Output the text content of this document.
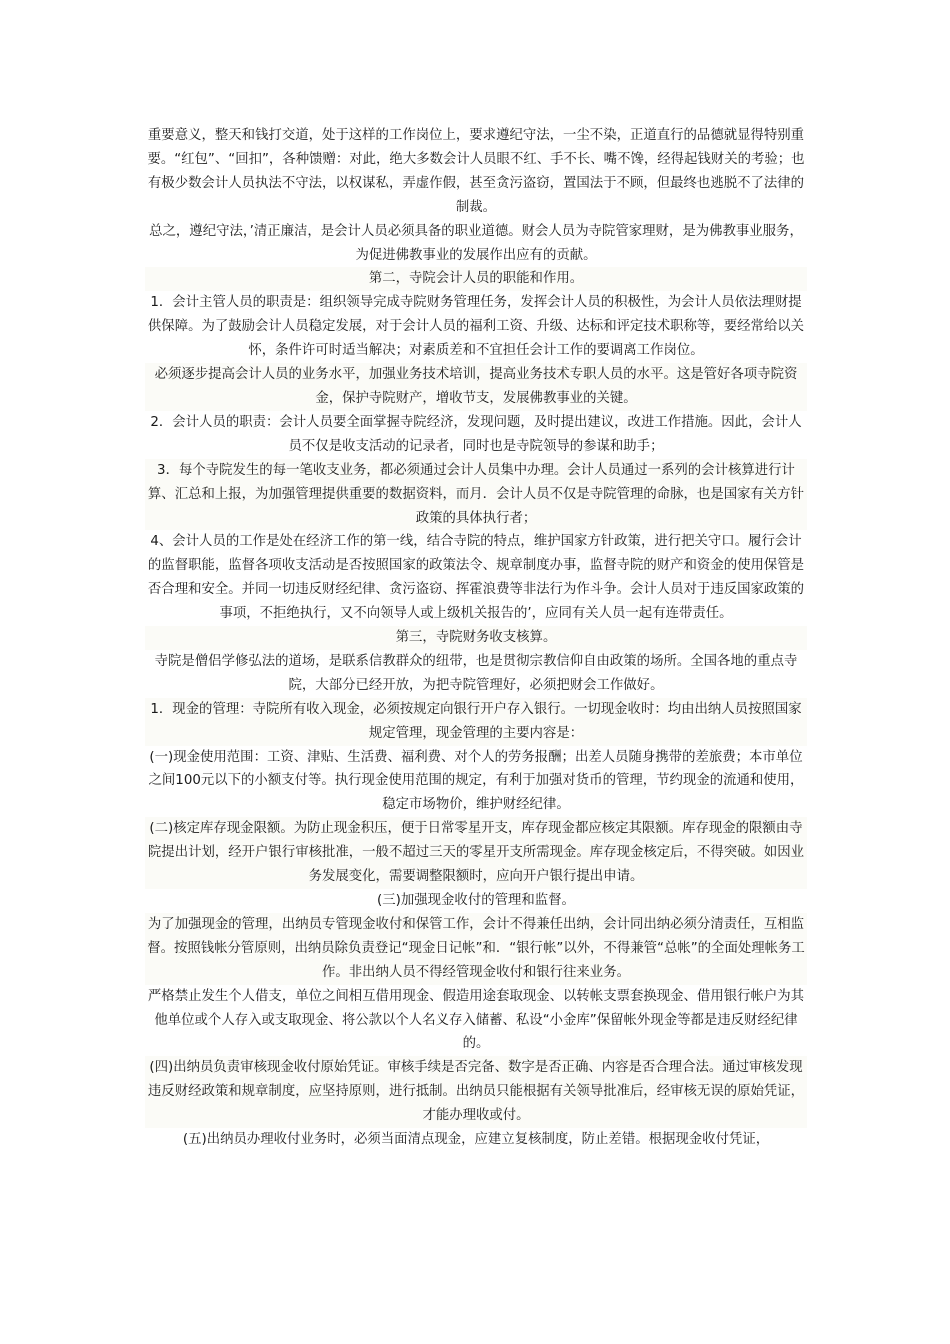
重要意义，整天和钱打交道，处于这样的工作岗位上，要求遵纪守法，一尘不染，正道直行的品德就显得特别重要。“红包”、“回扣”，各种馈赠：对此，绝大多数会计人员眼不红、手不长、嘴不馋，经得起钱财关的考验；也有极少数会计人员执法不守法，以权谋私，弄虚作假，甚至贪污盗窃，置国法于不顾，但最终也逃脱不了法律的制裁。

总之，遵纪守法，’清正廉洁，是会计人员必须具备的职业道德。财会人员为寺院管家理财，是为佛教事业服务，为促进佛教事业的发展作出应有的贡献。

第二，寺院会计人员的职能和作用。

1．会计主管人员的职责是：组织领导完成寺院财务管理任务，发挥会计人员的积极性，为会计人员依法理财提供保障。为了鼓励会计人员稳定发展，对于会计人员的福利工资、升级、达标和评定技术职称等，要经常给以关怀，条件许可时适当解决；对素质差和不宜担任会计工作的要调离工作岗位。

必须逐步提高会计人员的业务水平，加强业务技术培训，提高业务技术专职人员的水平。这是管好各项寺院资金，保护寺院财产，增收节支，发展佛教事业的关键。

2．会计人员的职责：会计人员要全面掌握寺院经济，发现问题，及时提出建议，改进工作措施。因此，会计人员不仅是收支活动的记录者，同时也是寺院领导的参谋和助手；

3．每个寺院发生的每一笔收支业务，都必须通过会计人员集中办理。会计人员通过一系列的会计核算进行计算、汇总和上报，为加强管理提供重要的数据资料，而月．会计人员不仅是寺院管理的命脉，也是国家有关方针政策的具体执行者；

4、会计人员的工作是处在经济工作的第一线，结合寺院的特点，维护国家方针政策，进行把关守口。履行会计的监督职能，监督各项收支活动是否按照国家的政策法令、规章制度办事，监督寺院的财产和资金的使用保管是否合理和安全。并同一切违反财经纪律、贪污盗窃、挥霍浪费等非法行为作斗争。会计人员对于违反国家政策的事项，不拒绝执行，又不向领导人或上级机关报告的’，应同有关人员一起有连带责任。

第三，寺院财务收支核算。

寺院是僧侣学修弘法的道场，是联系信教群众的纽带，也是贯彻宗教信仰自由政策的场所。全国各地的重点寺院，大部分已经开放，为把寺院管理好，必须把财会工作做好。

1．现金的管理：寺院所有收入现金，必须按规定向银行开户存入银行。一切现金收时：均由出纳人员按照国家规定管理，现金管理的主要内容是：

(一)现金使用范围：工资、津贴、生活费、福利费、对个人的劳务报酬；出差人员随身携带的差旅费；本市单位之间100元以下的小额支付等。执行现金使用范围的规定，有利于加强对货币的管理，节约现金的流通和使用，稳定市场物价，维护财经纪律。

(二)核定库存现金限额。为防止现金积压，便于日常零星开支，库存现金都应核定其限额。库存现金的限额由寺院提出计划，经开户银行审核批准，一般不超过三天的零星开支所需现金。库存现金核定后，不得突破。如因业务发展变化，需要调整限额时，应向开户银行提出申请。

(三)加强现金收付的管理和监督。

为了加强现金的管理，出纳员专管现金收付和保管工作，会计不得兼任出纳，会计同出纳必须分清责任，互相监督。按照钱帐分管原则，出纳员除负责登记“现金日记帐”和．“银行帐”以外，不得兼管“总帐”的全面处理帐务工作。非出纳人员不得经管现金收付和银行往来业务。

严格禁止发生个人借支，单位之间相互借用现金、假造用途套取现金、以转帐支票套换现金、借用银行帐户为其他单位或个人存入或支取现金、将公款以个人名义存入储蓄、私设“小金库”保留帐外现金等都是违反财经纪律的。

(四)出纳员负责审核现金收付原始凭证。审核手续是否完备、数字是否正确、内容是否合理合法。通过审核发现违反财经政策和规章制度，应坚持原则，进行抵制。出纳员只能根据有关领导批准后，经审核无误的原始凭证，才能办理收或付。

(五)出纳员办理收付业务时，必须当面清点现金，应建立复核制度，防止差错。根据现金收付凭证，
